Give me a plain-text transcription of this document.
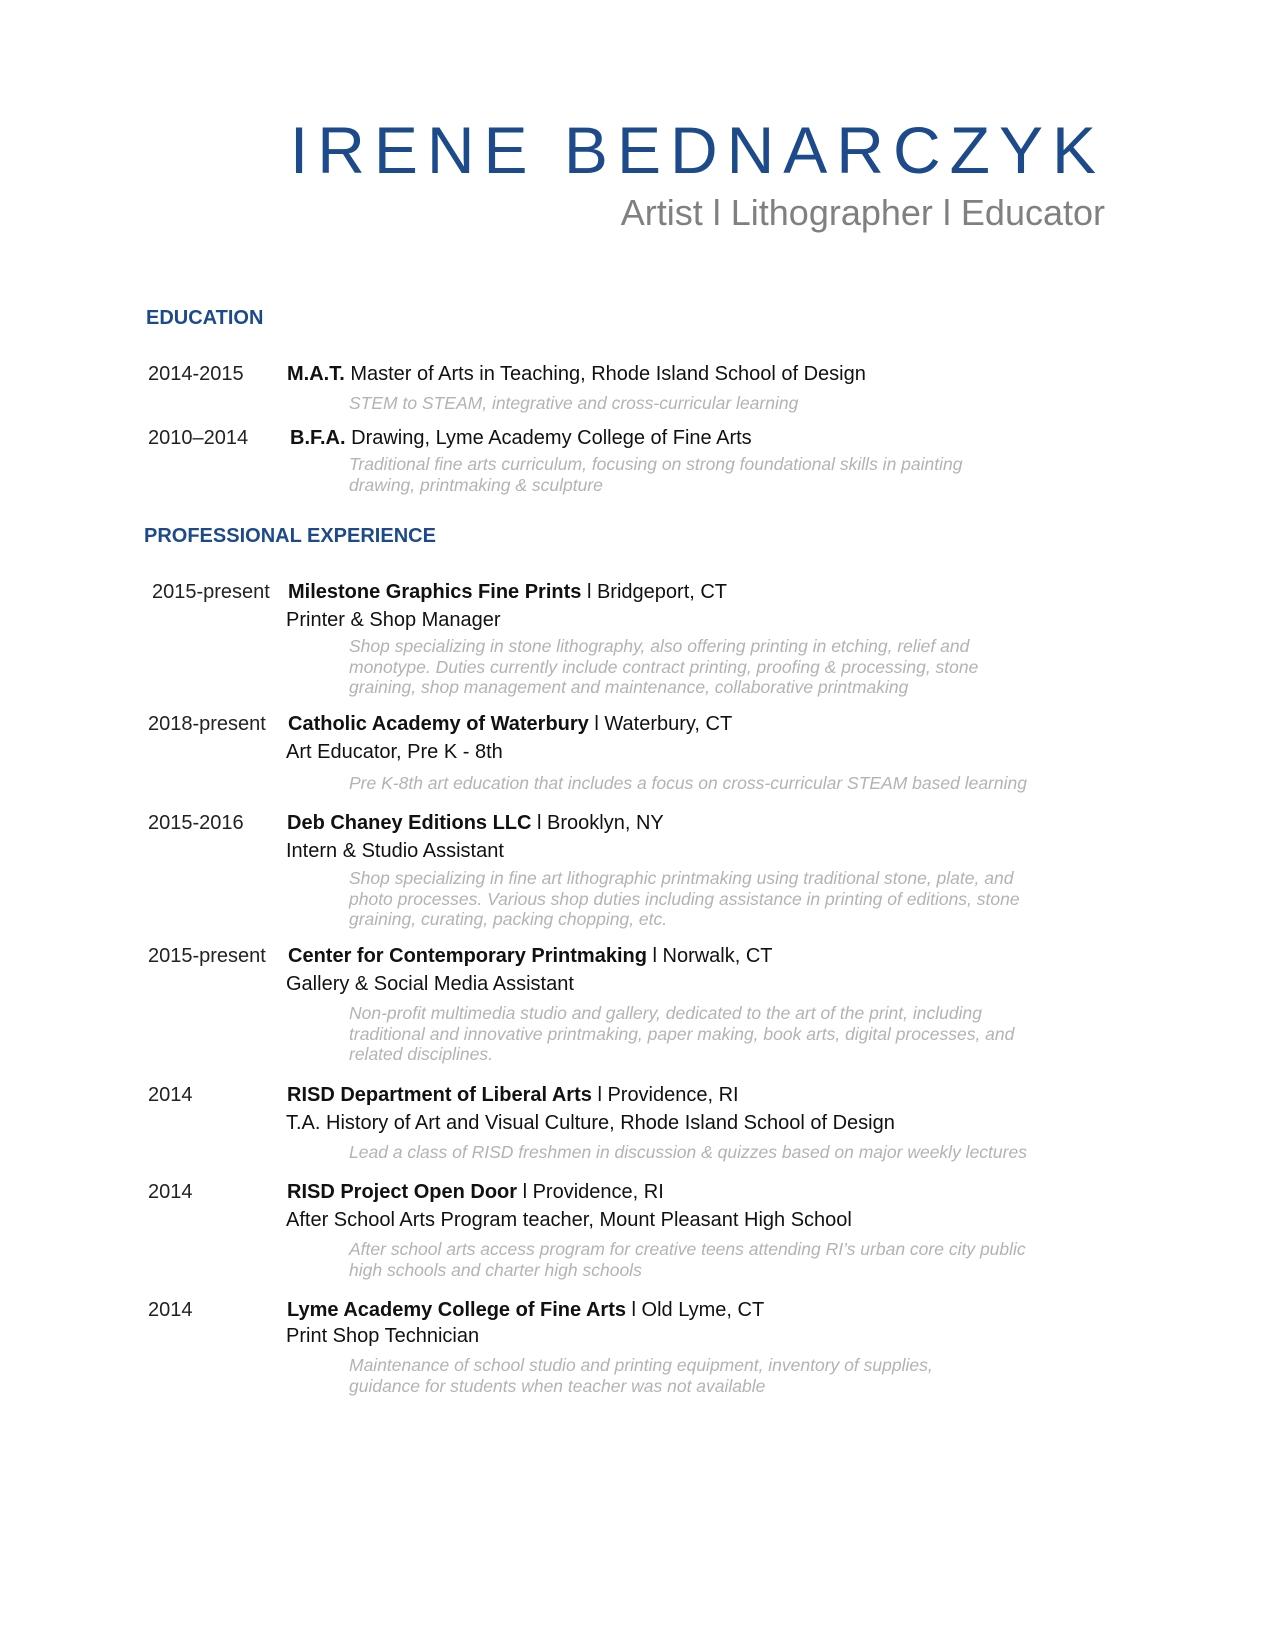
IRENE BEDNARCZYK
Artist l Lithographer l Educator
EDUCATION
2014-2015 M.A.T. Master of Arts in Teaching, Rhode Island School of Design
STEM to STEAM, integrative and cross-curricular learning
2010–2014 B.F.A. Drawing, Lyme Academy College of Fine Arts
Traditional fine arts curriculum, focusing on strong foundational skills in painting
drawing, printmaking & sculpture
PROFESSIONAL EXPERIENCE
2015-present Milestone Graphics Fine Prints l Bridgeport, CT
Printer & Shop Manager
Shop specializing in stone lithography, also offering printing in etching, relief and
monotype. Duties currently include contract printing, proofing & processing, stone
graining, shop management and maintenance, collaborative printmaking
2018-present Catholic Academy of Waterbury l Waterbury, CT
Art Educator, Pre K - 8th
Pre K-8th art education that includes a focus on cross-curricular STEAM based learning
2015-2016 Deb Chaney Editions LLC l Brooklyn, NY
Intern & Studio Assistant
Shop specializing in fine art lithographic printmaking using traditional stone, plate, and
photo processes. Various shop duties including assistance in printing of editions, stone
graining, curating, packing chopping, etc.
2015-present Center for Contemporary Printmaking l Norwalk, CT
Gallery & Social Media Assistant
Non-profit multimedia studio and gallery, dedicated to the art of the print, including
traditional and innovative printmaking, paper making, book arts, digital processes, and
related disciplines.
2014	RISD Department of Liberal Arts l Providence, RI
T.A. History of Art and Visual Culture, Rhode Island School of Design
Lead a class of RISD freshmen in discussion & quizzes based on major weekly lectures
2014	RISD Project Open Door l Providence, RI
After School Arts Program teacher, Mount Pleasant High School
After school arts access program for creative teens attending RI’s urban core city public
high schools and charter high schools
2014	Lyme Academy College of Fine Arts l Old Lyme, CT
Print Shop Technician
Maintenance of school studio and printing equipment, inventory of supplies,
guidance for students when teacher was not available
